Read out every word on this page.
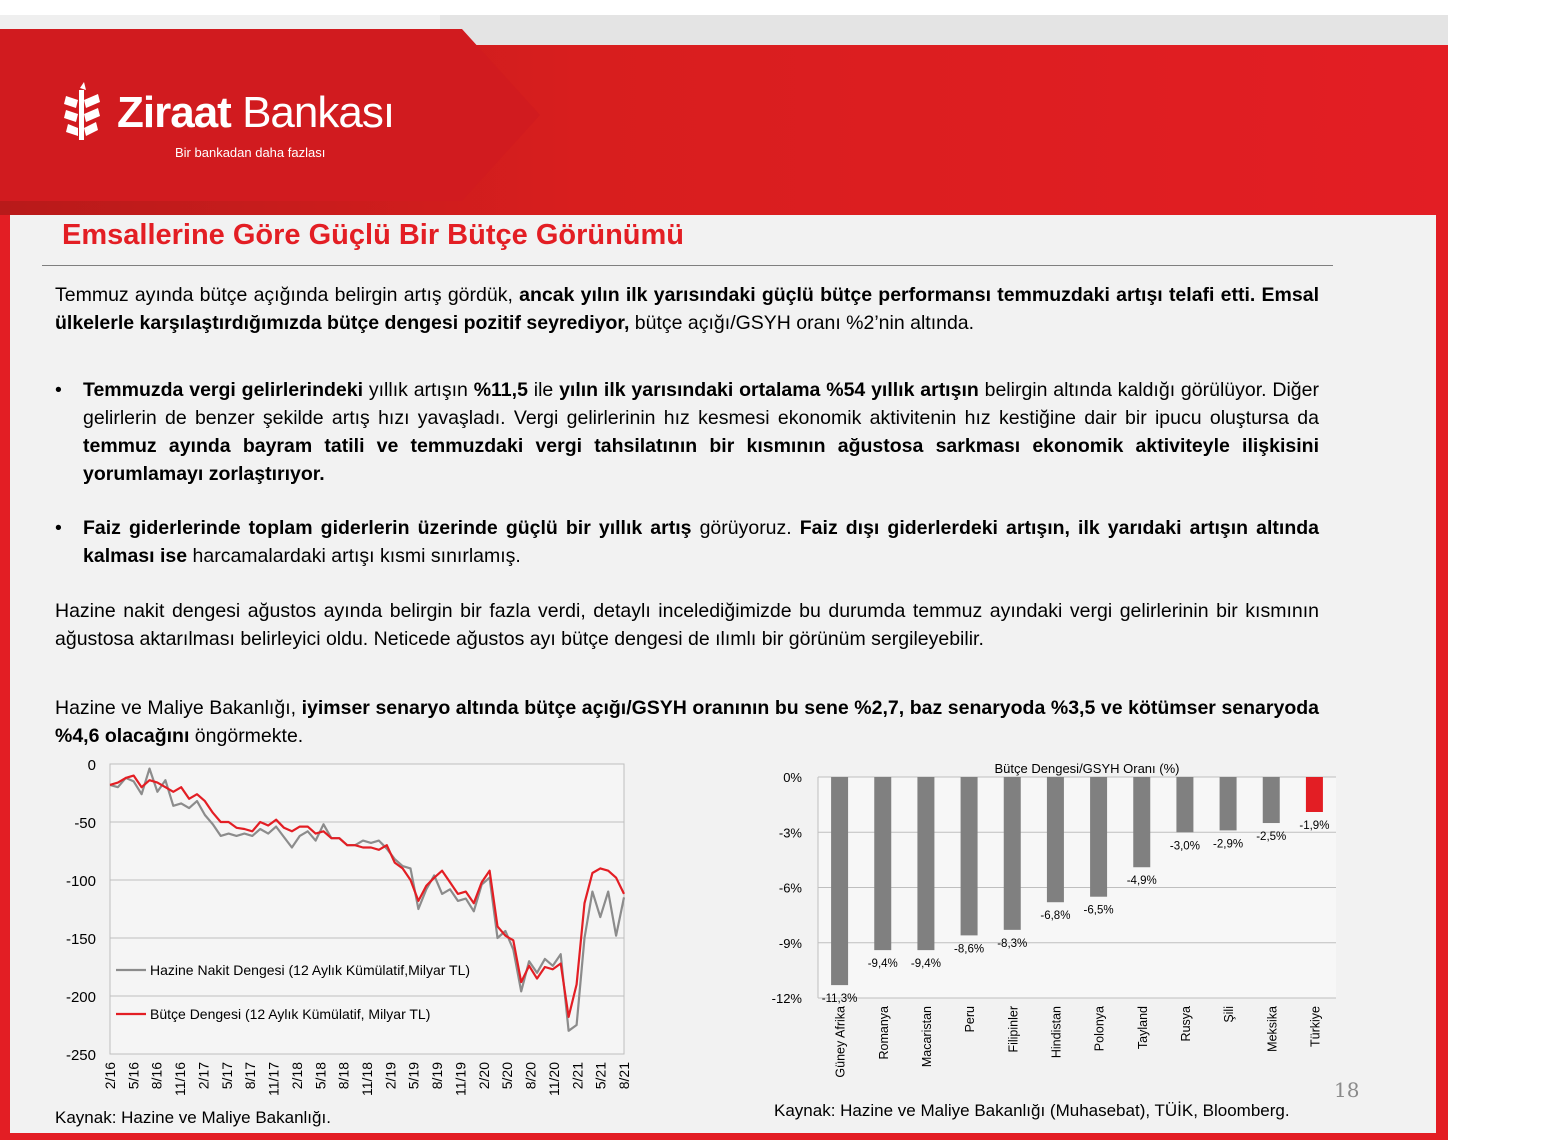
Ziraat Bankası
Bir bankadan daha fazlası
Emsallerine Göre Güçlü Bir Bütçe Görünümü
Temmuz ayında bütçe açığında belirgin artış gördük, ancak yılın ilk yarısındaki güçlü bütçe performansı temmuzdaki artışı telafi etti. Emsal ülkelerle karşılaştırdığımızda bütçe dengesi pozitif seyrediyor, bütçe açığı/GSYH oranı %2’nin altında.
• Temmuzda vergi gelirlerindeki yıllık artışın %11,5 ile yılın ilk yarısındaki ortalama %54 yıllık artışın belirgin altında kaldığı görülüyor. Diğer gelirlerin de benzer şekilde artış hızı yavaşladı. Vergi gelirlerinin hız kesmesi ekonomik aktivitenin hız kestiğine dair bir ipucu oluştursa da temmuz ayında bayram tatili ve temmuzdaki vergi tahsilatının bir kısmının ağustosa sarkması ekonomik aktiviteyle ilişkisini yorumlamayı zorlaştırıyor.
• Faiz giderlerinde toplam giderlerin üzerinde güçlü bir yıllık artış görüyoruz. Faiz dışı giderlerdeki artışın, ilk yarıdaki artışın altında kalması ise harcamalardaki artışı kısmi sınırlamış.
Hazine nakit dengesi ağustos ayında belirgin bir fazla verdi, detaylı incelediğimizde bu durumda temmuz ayındaki vergi gelirlerinin bir kısmının ağustosa aktarılması belirleyici oldu. Neticede ağustos ayı bütçe dengesi de ılımlı bir görünüm sergileyebilir.
Hazine ve Maliye Bakanlığı, iyimser senaryo altında bütçe açığı/GSYH oranının bu sene %2,7, baz senaryoda %3,5 ve kötümser senaryoda %4,6 olacağını öngörmekte.
0
-50
-100
-150
-200
-250
2/16 5/16 8/16 11/16 2/17 5/17 8/17 11/17 2/18 5/18 8/18 11/18 2/19 5/19 8/19 11/19 2/20 5/20 8/20 11/20 2/21 5/21 8/21
Hazine Nakit Dengesi (12 Aylık Kümülatif,Milyar TL)
Bütçe Dengesi (12 Aylık Kümülatif, Milyar TL)
0%
-3%
-6%
-9%
-12%
Bütçe Dengesi/GSYH Oranı (%)
-11,3%
Güney Afrika
-9,4%
Romanya
-9,4%
Macaristan
-8,6%
Peru
-8,3%
Filipinler
-6,8%
Hindistan
-6,5%
Polonya
-4,9%
Tayland
-3,0%
Rusya
-2,9%
Şili
-2,5%
Meksika
-1,9%
Türkiye
Kaynak: Hazine ve Maliye Bakanlığı.	Kaynak: Hazine ve Maliye Bakanlığı (Muhasebat), TÜİK, Bloomberg.
18
